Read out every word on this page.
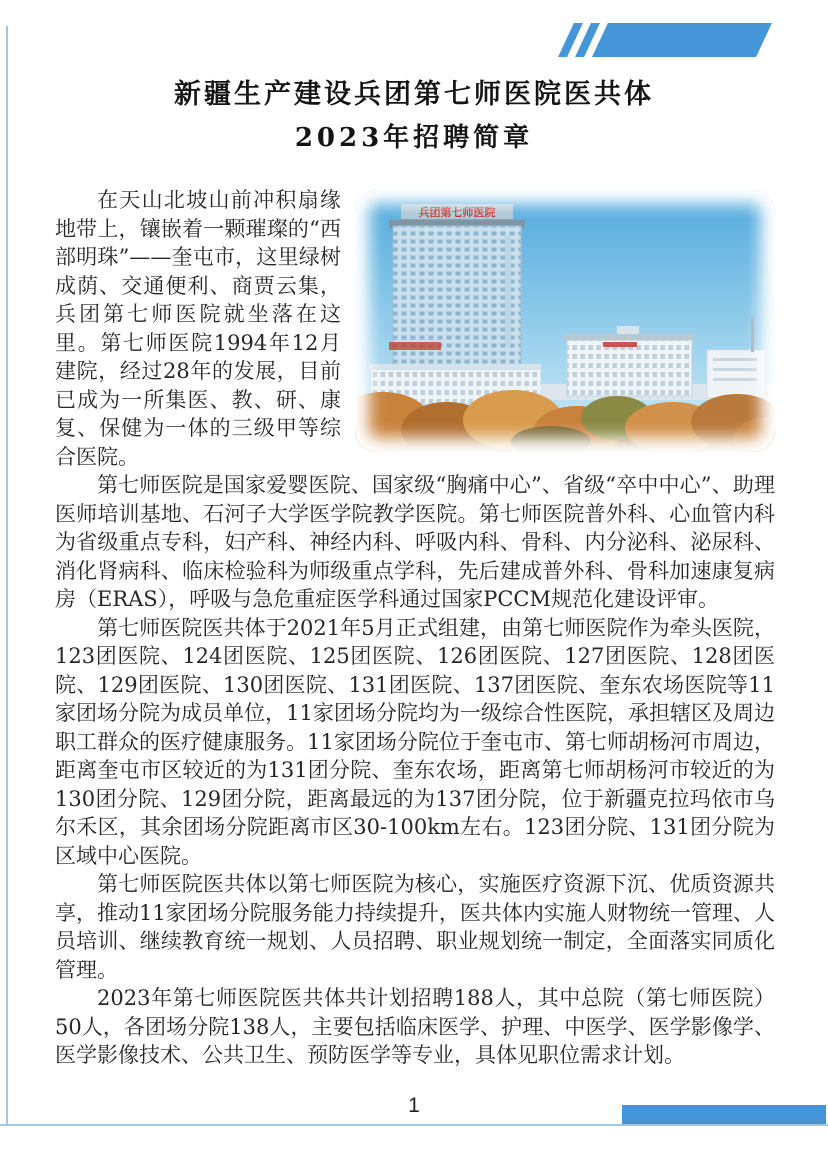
新疆生产建设兵团第七师医院医共体
2023年招聘简章
兵团第七师医院

在天山北坡山前冲积扇缘地带上，镶嵌着一颗璀璨的“西部明珠”——奎屯市，这里绿树成荫、交通便利、商贾云集，兵团第七师医院就坐落在这里。第七师医院1994年12月建院，经过28年的发展，目前已成为一所集医、教、研、康复、保健为一体的三级甲等综合医院。

第七师医院是国家爱婴医院、国家级“胸痛中心”、省级“卒中中心”、助理医师培训基地、石河子大学医学院教学医院。第七师医院普外科、心血管内科为省级重点专科，妇产科、神经内科、呼吸内科、骨科、内分泌科、泌尿科、消化肾病科、临床检验科为师级重点学科，先后建成普外科、骨科加速康复病房（ERAS），呼吸与急危重症医学科通过国家PCCM规范化建设评审。

第七师医院医共体于2021年5月正式组建，由第七师医院作为牵头医院，123团医院、124团医院、125团医院、126团医院、127团医院、128团医院、129团医院、130团医院、131团医院、137团医院、奎东农场医院等11家团场分院为成员单位，11家团场分院均为一级综合性医院，承担辖区及周边职工群众的医疗健康服务。11家团场分院位于奎屯市、第七师胡杨河市周边，距离奎屯市区较近的为131团分院、奎东农场，距离第七师胡杨河市较近的为130团分院、129团分院，距离最远的为137团分院，位于新疆克拉玛依市乌尔禾区，其余团场分院距离市区30-100km左右。123团分院、131团分院为区域中心医院。

第七师医院医共体以第七师医院为核心，实施医疗资源下沉、优质资源共享，推动11家团场分院服务能力持续提升，医共体内实施人财物统一管理、人员培训、继续教育统一规划、人员招聘、职业规划统一制定，全面落实同质化管理。

2023年第七师医院医共体共计划招聘188人，其中总院（第七师医院）50人，各团场分院138人，主要包括临床医学、护理、中医学、医学影像学、医学影像技术、公共卫生、预防医学等专业，具体见职位需求计划。

1
